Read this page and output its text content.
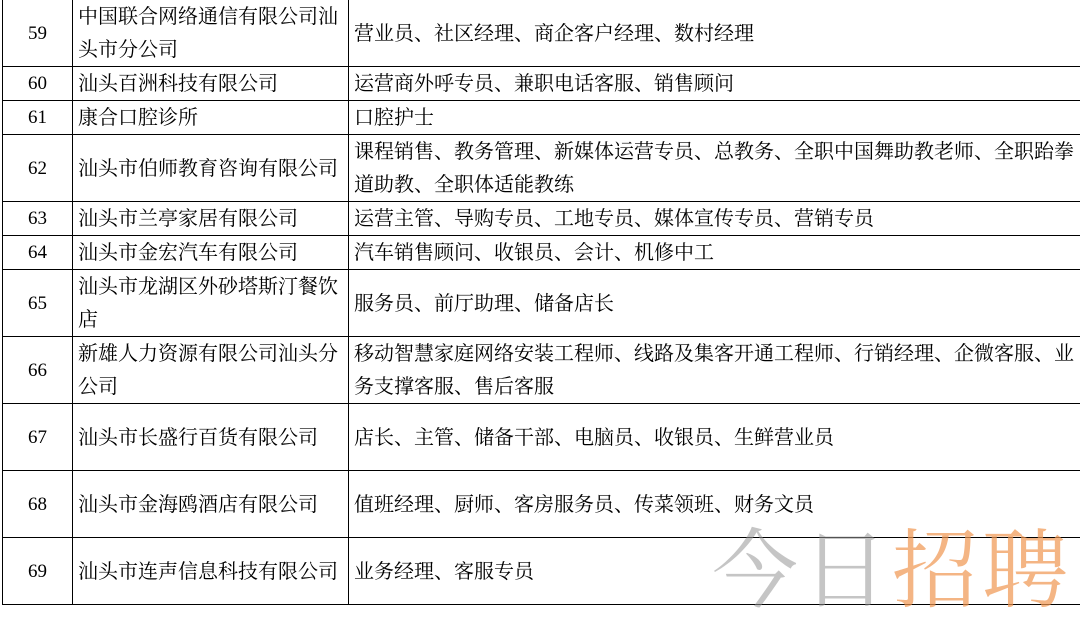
59	中国联合网络通信有限公司汕头市分公司	营业员、社区经理、商企客户经理、数村经理
60	汕头百洲科技有限公司	运营商外呼专员、兼职电话客服、销售顾问
61	康合口腔诊所	口腔护士
62	汕头市伯师教育咨询有限公司	课程销售、教务管理、新媒体运营专员、总教务、全职中国舞助教老师、全职跆拳道助教、全职体适能教练
63	汕头市兰亭家居有限公司	运营主管、导购专员、工地专员、媒体宣传专员、营销专员
64	汕头市金宏汽车有限公司	汽车销售顾问、收银员、会计、机修中工
65	汕头市龙湖区外砂塔斯汀餐饮店	服务员、前厅助理、储备店长
66	新雄人力资源有限公司汕头分公司	移动智慧家庭网络安装工程师、线路及集客开通工程师、行销经理、企微客服、业务支撑客服、售后客服
67	汕头市长盛行百货有限公司	店长、主管、储备干部、电脑员、收银员、生鲜营业员
68	汕头市金海鸥酒店有限公司	值班经理、厨师、客房服务员、传菜领班、财务文员
69	汕头市连声信息科技有限公司	业务经理、客服专员 今日招聘
